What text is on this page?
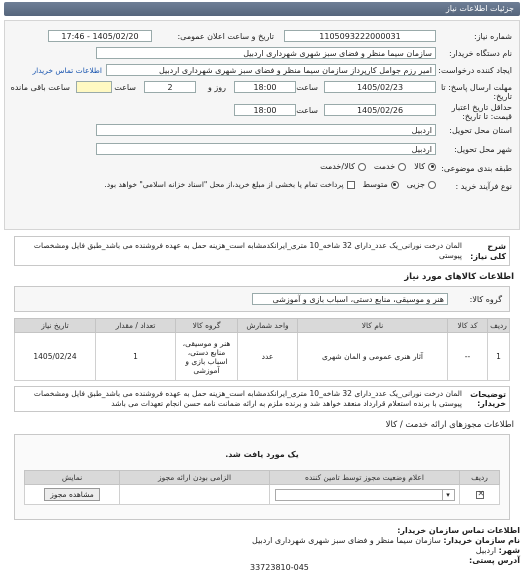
جزئیات اطلاعات نیاز
شماره نیاز:
1105093222000031
تاریخ و ساعت اعلان عمومی:
1405/02/20 - 17:46
نام دستگاه خریدار:
سازمان سیما منظر و فضای سبز شهری شهرداری اردبیل
ایجاد کننده درخواست:
امیر رزم جوامل کارپرداز سازمان سیما منظر و فضای سبز شهری شهرداری اردبیل
اطلاعات تماس خریدار
مهلت ارسال پاسخ: تا تاریخ:
1405/02/23
ساعت
18:00
روز و
2
ساعت
ساعت باقی مانده
حداقل تاریخ اعتبار قیمت: تا تاریخ:
1405/02/26
ساعت
18:00
استان محل تحویل:
اردبیل
شهر محل تحویل:
اردبیل
طبقه بندی موضوعی:
کالا
خدمت
کالا/خدمت
نوع فرآیند خرید :
جزیی
متوسط
پرداخت تمام یا بخشی از مبلغ خرید،از محل "اسناد خزانه اسلامی" خواهد بود.
شرح کلی نیاز:
المان درخت نورانی_یک عدد_دارای 32 شاخه_10 متری_ایرانکدمشابه است_هزینه حمل به عهده فروشنده می باشد_طبق فایل ومشخصات پیوستی
اطلاعات کالاهای مورد نیاز
گروه کالا:
هنر و موسیقی، منابع دستی، اسباب بازی و آموزشی
ردیف	کد کالا	نام کالا	واحد شمارش	گروه کالا	تعداد / مقدار	تاریخ نیاز
1	--	آثار هنری عمومی و المان شهری	عدد	هنر و موسیقی، منابع دستی، اسباب بازی و آموزشی	1	1405/02/24
توضیحات خریدار:
المان درخت نورانی_یک عدد_دارای 32 شاخه_10 متری_ایرانکدمشابه است_هزینه حمل به عهده فروشنده می باشد_طبق فایل ومشخصات پیوستی با برنده استعلام قرارداد منعقد خواهد شد و برنده ملزم به ارائه ضمانت نامه حسن انجام تعهدات می باشد
اطلاعات مجوزهای ارائه خدمت / کالا
یک مورد یافت شد.
ردیف	اعلام وضعیت مجوز توسط تامین کننده	الزامی بودن ارائه مجوز	نمایش

✕	▾		مشاهده مجوز
اطلاعات تماس سازمان خریدار:
نام سازمان خریدار: سازمان سیما منظر و فضای سبز شهری شهرداری اردبیل
شهر: اردبیل
آدرس پستی:
33723810-045
